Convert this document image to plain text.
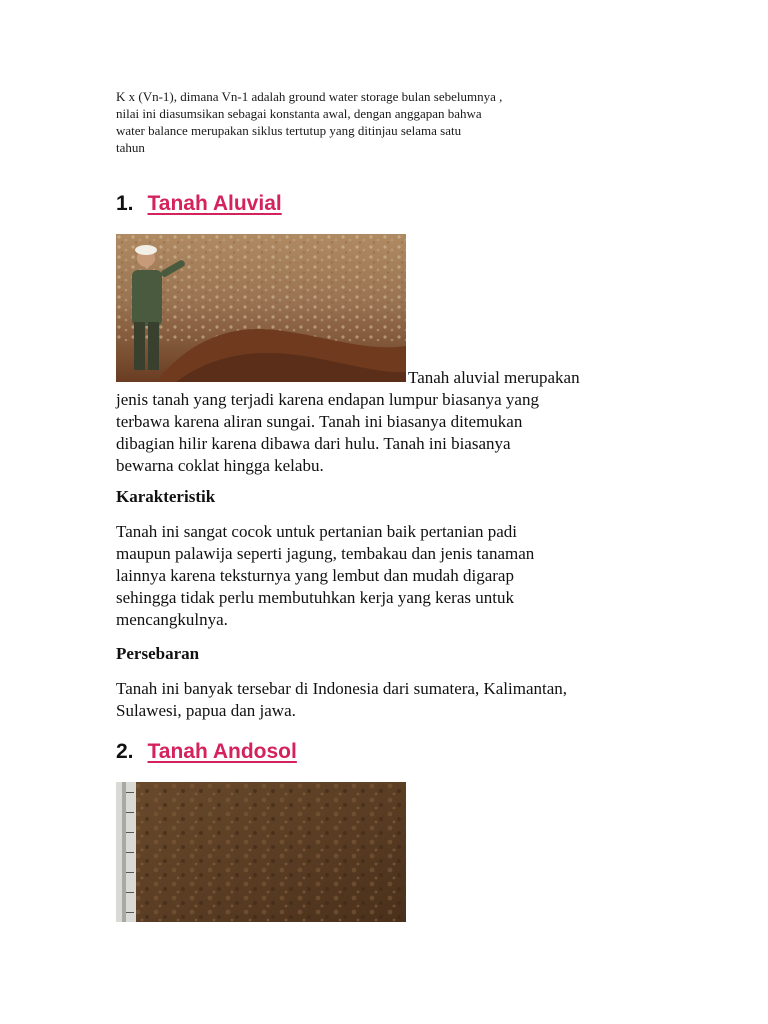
K x (Vn-1), dimana Vn-1 adalah ground water storage bulan sebelumnya ,
nilai ini diasumsikan sebagai konstanta awal, dengan anggapan bahwa
water balance merupakan siklus tertutup yang ditinjau selama satu
tahun
1. Tanah Aluvial
Tanah aluvial merupakan
jenis tanah yang terjadi karena endapan lumpur biasanya yang
terbawa karena aliran sungai. Tanah ini biasanya ditemukan
dibagian hilir karena dibawa dari hulu. Tanah ini biasanya
bewarna coklat hingga kelabu.
Karakteristik
Tanah ini sangat cocok untuk pertanian baik pertanian padi
maupun palawija seperti jagung, tembakau dan jenis tanaman
lainnya karena teksturnya yang lembut dan mudah digarap
sehingga tidak perlu membutuhkan kerja yang keras untuk
mencangkulnya.
Persebaran
Tanah ini banyak tersebar di Indonesia dari sumatera, Kalimantan,
Sulawesi, papua dan jawa.
2. Tanah Andosol
